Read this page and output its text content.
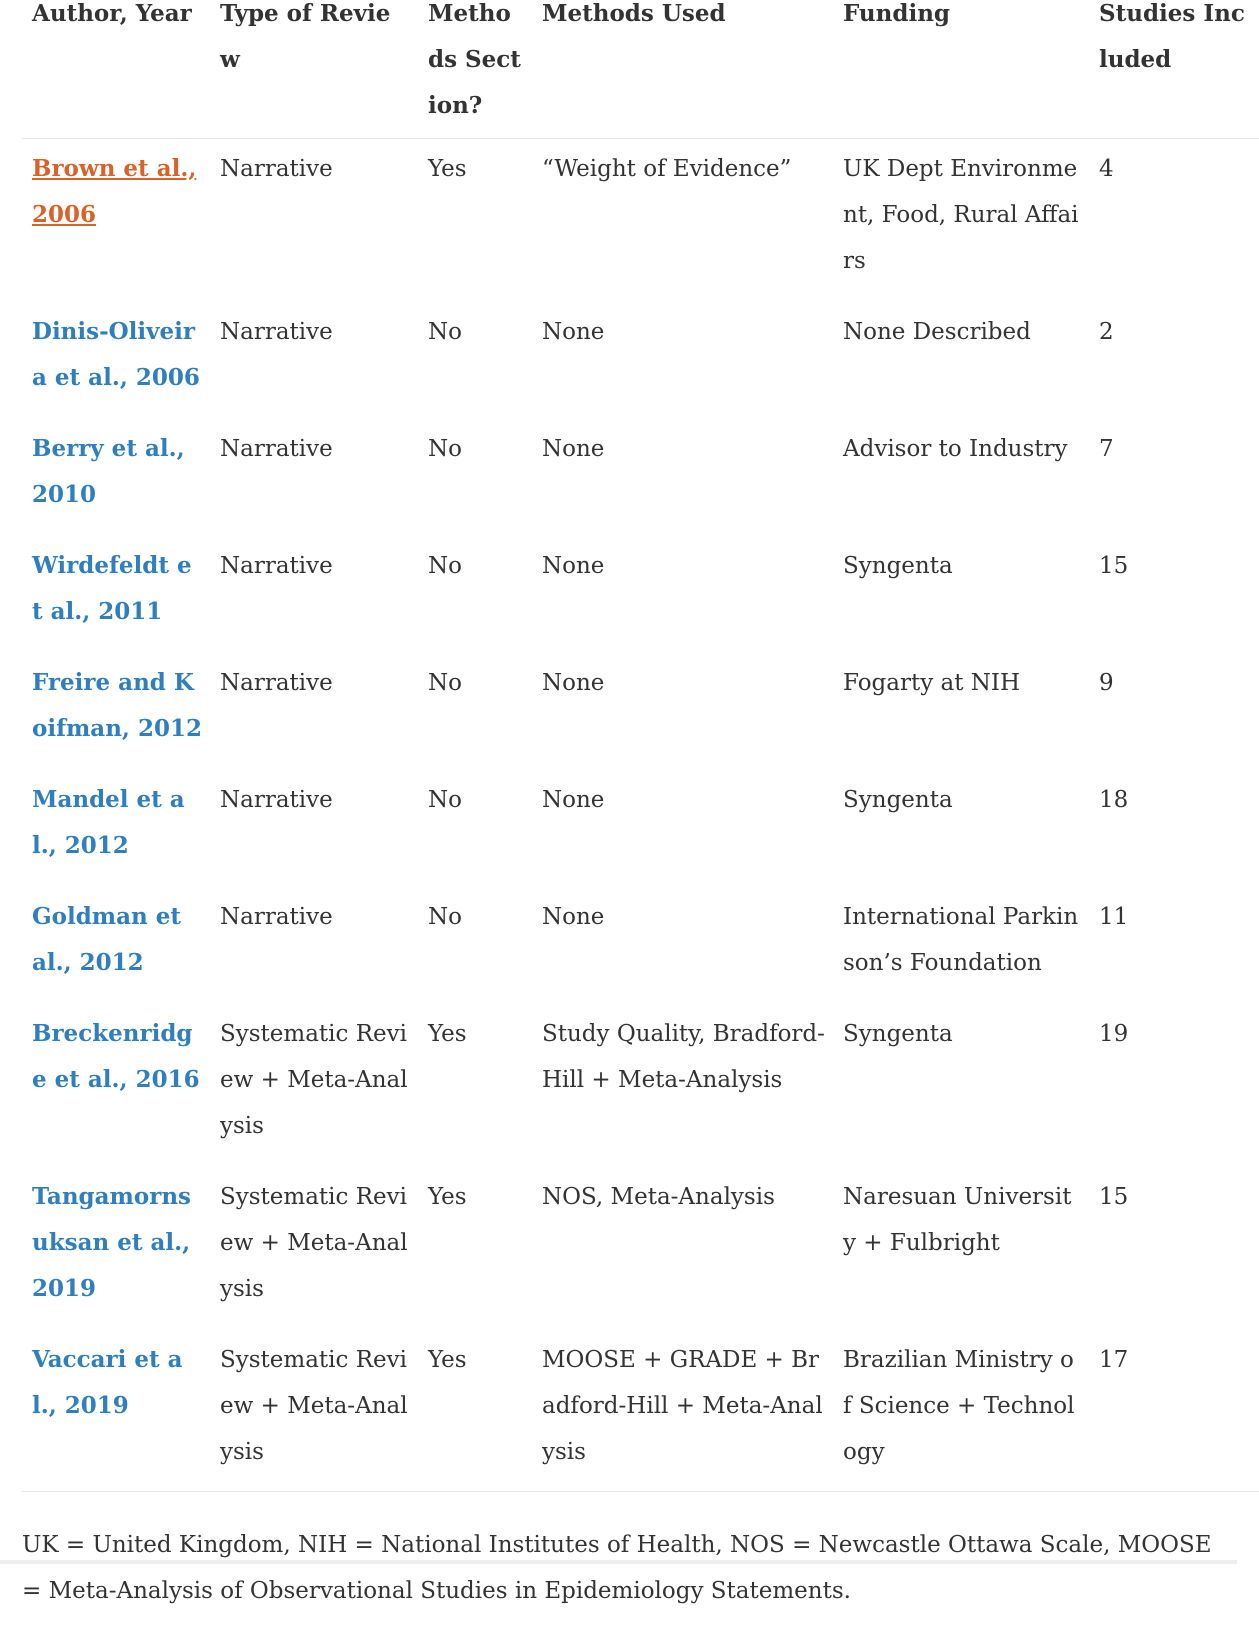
Author, Year	Type of Review	Methods Section?	Methods Used	Funding	Studies Included
Brown et al., 2006	Narrative	Yes	“Weight of Evidence”	UK Dept Environment, Food, Rural Affairs	4
Dinis-Oliveira et al., 2006	Narrative	No	None	None Described	2
Berry et al., 2010	Narrative	No	None	Advisor to Industry	7
Wirdefeldt et al., 2011	Narrative	No	None	Syngenta	15
Freire and Koifman, 2012	Narrative	No	None	Fogarty at NIH	9
Mandel et al., 2012	Narrative	No	None	Syngenta	18
Goldman et al., 2012	Narrative	No	None	International Parkinson’s Foundation	11
Breckenridge et al., 2016	Systematic Review + Meta-Analysis	Yes	Study Quality, Bradford-Hill + Meta-Analysis	Syngenta	19
Tangamornsuksan et al., 2019	Systematic Review + Meta-Analysis	Yes	NOS, Meta-Analysis	Naresuan University + Fulbright	15
Vaccari et al., 2019	Systematic Review + Meta-Analysis	Yes	MOOSE + GRADE + Bradford-Hill + Meta-Analysis	Brazilian Ministry of Science + Technology	17
UK = United Kingdom, NIH = National Institutes of Health, NOS = Newcastle Ottawa Scale, MOOSE = Meta-Analysis of Observational Studies in Epidemiology Statements.
